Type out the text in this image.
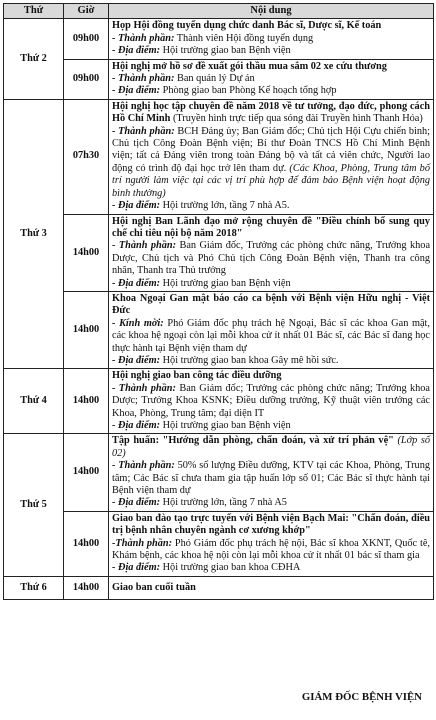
Thứ	Giờ	Nội dung
Thứ 2	09h00	Họp Hội đồng tuyển dụng chức danh Bác sĩ, Dược sĩ, Kế toán

- Thành phần: Thành viên Hội đồng tuyển dụng

- Địa điểm: Hội trường giao ban Bệnh viện

	09h00	Hội nghị mở hồ sơ đề xuất gói thầu mua sắm 02 xe cứu thương

- Thành phần: Ban quản lý Dự án

- Địa điểm: Phòng giao ban Phòng Kế hoạch tổng hợp

Thứ 3	07h30	Hội nghị học tập chuyên đề năm 2018 về tư tưởng, đạo đức, phong cách Hồ Chí Minh (Truyền hình trực tiếp qua sóng đài Truyền hình Thanh Hóa)

- Thành phần: BCH Đảng ủy; Ban Giám đốc; Chủ tịch Hội Cựu chiến binh; Chủ tịch Công Đoàn Bệnh viện; Bí thư Đoàn TNCS Hồ Chí Minh Bệnh viện; tất cả Đảng viên trong toàn Đảng bộ và tất cả viên chức, Người lao động có trình độ đại học trở lên tham dự. (Các Khoa, Phòng, Trung tâm bố trí người làm việc tại các vị trí phù hợp để đảm bảo Bệnh viện hoạt động bình thường)

- Địa điểm: Hội trường lớn, tầng 7 nhà A5.

	14h00	Hội nghị Ban Lãnh đạo mở rộng chuyên đề "Điều chỉnh bổ sung quy chế chi tiêu nội bộ năm 2018"

- Thành phần: Ban Giám đốc, Trưởng các phòng chức năng, Trưởng khoa Dược, Chủ tịch và Phó Chủ tịch Công Đoàn Bệnh viện, Thanh tra công nhân, Thanh tra Thủ trưởng

- Địa điểm: Hội trường giao ban Bệnh viện

	14h00	Khoa Ngoại Gan mật báo cáo ca bệnh với Bệnh viện Hữu nghị - Việt Đức

- Kính mời: Phó Giám đốc phụ trách hệ Ngoại, Bác sĩ các khoa Gan mật, các khoa hệ ngoại còn lại mỗi khoa cử ít nhất 01 Bác sĩ, các Bác sĩ đang học thực hành tại Bệnh viện tham dự

- Địa điểm: Hội trường giao ban khoa Gây mê hồi sức.

Thứ 4	14h00	Hội nghị giao ban công tác điều dưỡng

- Thành phần: Ban Giám đốc; Trưởng các phòng chức năng; Trưởng khoa Dược; Trưởng Khoa KSNK; Điều dưỡng trưởng, Kỹ thuật viên trưởng các Khoa, Phòng, Trung tâm; đại diện IT

- Địa điểm: Hội trường giao ban Bệnh viện

Thứ 5	14h00	Tập huấn: "Hướng dẫn phòng, chẩn đoán, và xử trí phản vệ" (Lớp số 02)

- Thành phần: 50% số lượng Điều dưỡng, KTV tại các Khoa, Phòng, Trung tâm; Các Bác sĩ chưa tham gia tập huấn lớp số 01; Các Bác sĩ thực hành tại Bệnh viện tham dự

- Địa điểm: Hội trường lớn, tầng 7 nhà A5

	14h00	Giao ban đào tạo trực tuyến với Bệnh viện Bạch Mai: "Chẩn đoán, điều trị bệnh nhân chuyên ngành cơ xương khớp"

-Thành phần: Phó Giám đốc phụ trách hệ nội, Bác sĩ khoa XKNT, Quốc tê, Khám bệnh, các khoa hệ nội còn lại mỗi khoa cử ít nhất 01 bác sĩ tham gia

- Địa điểm: Hội trường giao ban khoa CĐHA

Thứ 6	14h00	Giao ban cuối tuần

GIÁM ĐỐC BỆNH VIỆN
